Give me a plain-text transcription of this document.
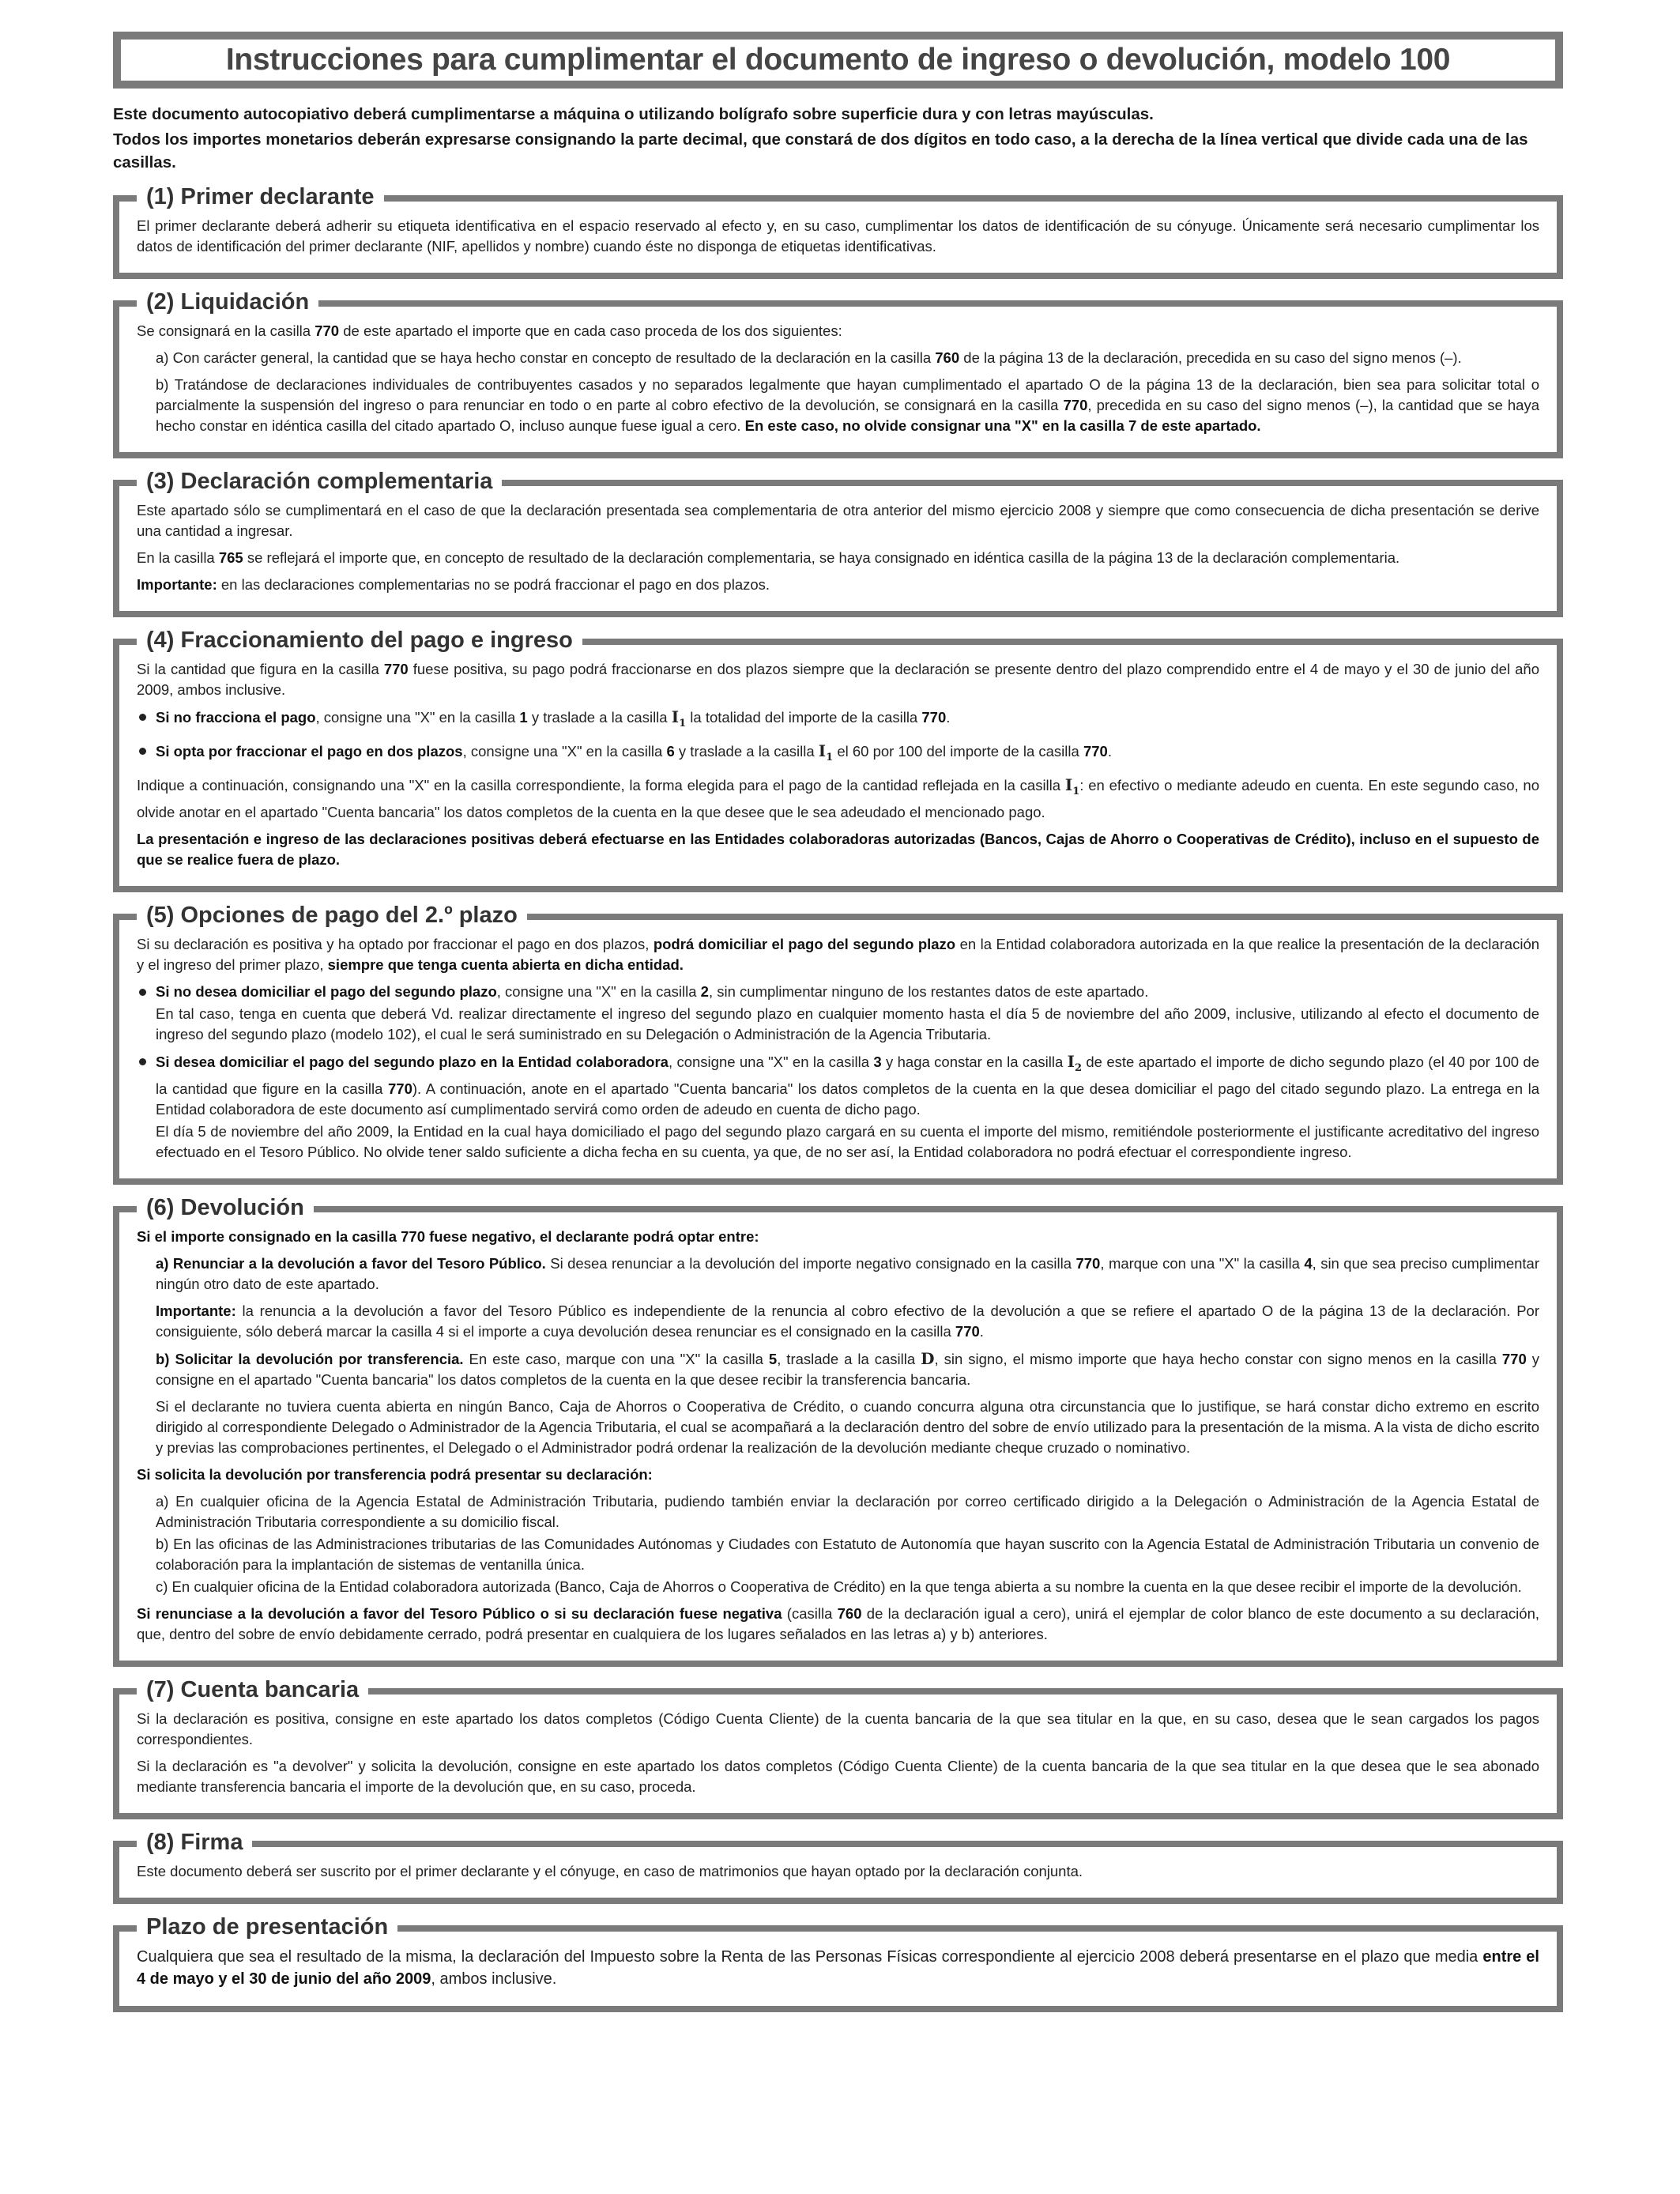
Instrucciones para cumplimentar el documento de ingreso o devolución, modelo 100

Este documento autocopiativo deberá cumplimentarse a máquina o utilizando bolígrafo sobre superficie dura y con letras mayúsculas.

Todos los importes monetarios deberán expresarse consignando la parte decimal, que constará de dos dígitos en todo caso, a la derecha de la línea vertical que divide cada una de las casillas.

(1) Primer declarante

El primer declarante deberá adherir su etiqueta identificativa en el espacio reservado al efecto y, en su caso, cumplimentar los datos de identificación de su cónyuge. Únicamente será necesario cumplimentar los datos de identificación del primer declarante (NIF, apellidos y nombre) cuando éste no disponga de etiquetas identificativas.

(2) Liquidación

Se consignará en la casilla 770 de este apartado el importe que en cada caso proceda de los dos siguientes:

a) Con carácter general, la cantidad que se haya hecho constar en concepto de resultado de la declaración en la casilla 760 de la página 13 de la declaración, precedida en su caso del signo menos (–).

b) Tratándose de declaraciones individuales de contribuyentes casados y no separados legalmente que hayan cumplimentado el apartado O de la página 13 de la declaración, bien sea para solicitar total o parcialmente la suspensión del ingreso o para renunciar en todo o en parte al cobro efectivo de la devolución, se consignará en la casilla 770, precedida en su caso del signo menos (–), la cantidad que se haya hecho constar en idéntica casilla del citado apartado O, incluso aunque fuese igual a cero. En este caso, no olvide consignar una "X" en la casilla 7 de este apartado.

(3) Declaración complementaria

Este apartado sólo se cumplimentará en el caso de que la declaración presentada sea complementaria de otra anterior del mismo ejercicio 2008 y siempre que como consecuencia de dicha presentación se derive una cantidad a ingresar.

En la casilla 765 se reflejará el importe que, en concepto de resultado de la declaración complementaria, se haya consignado en idéntica casilla de la página 13 de la declaración complementaria.

Importante: en las declaraciones complementarias no se podrá fraccionar el pago en dos plazos.

(4) Fraccionamiento del pago e ingreso

Si la cantidad que figura en la casilla 770 fuese positiva, su pago podrá fraccionarse en dos plazos siempre que la declaración se presente dentro del plazo comprendido entre el 4 de mayo y el 30 de junio del año 2009, ambos inclusive.

Si no fracciona el pago, consigne una "X" en la casilla 1 y traslade a la casilla $I_1$ la totalidad del importe de la casilla 770.

Si opta por fraccionar el pago en dos plazos, consigne una "X" en la casilla 6 y traslade a la casilla $I_1$ el 60 por 100 del importe de la casilla 770.

Indique a continuación, consignando una "X" en la casilla correspondiente, la forma elegida para el pago de la cantidad reflejada en la casilla $I_1$: en efectivo o mediante adeudo en cuenta. En este segundo caso, no olvide anotar en el apartado "Cuenta bancaria" los datos completos de la cuenta en la que desee que le sea adeudado el mencionado pago.

La presentación e ingreso de las declaraciones positivas deberá efectuarse en las Entidades colaboradoras autorizadas (Bancos, Cajas de Ahorro o Cooperativas de Crédito), incluso en el supuesto de que se realice fuera de plazo.

(5) Opciones de pago del 2.º plazo

Si su declaración es positiva y ha optado por fraccionar el pago en dos plazos, podrá domiciliar el pago del segundo plazo en la Entidad colaboradora autorizada en la que realice la presentación de la declaración y el ingreso del primer plazo, siempre que tenga cuenta abierta en dicha entidad.

Si no desea domiciliar el pago del segundo plazo, consigne una "X" en la casilla 2, sin cumplimentar ninguno de los restantes datos de este apartado.

En tal caso, tenga en cuenta que deberá Vd. realizar directamente el ingreso del segundo plazo en cualquier momento hasta el día 5 de noviembre del año 2009, inclusive, utilizando al efecto el documento de ingreso del segundo plazo (modelo 102), el cual le será suministrado en su Delegación o Administración de la Agencia Tributaria.

Si desea domiciliar el pago del segundo plazo en la Entidad colaboradora, consigne una "X" en la casilla 3 y haga constar en la casilla $I_2$ de este apartado el importe de dicho segundo plazo (el 40 por 100 de la cantidad que figure en la casilla 770). A continuación, anote en el apartado "Cuenta bancaria" los datos completos de la cuenta en la que desea domiciliar el pago del citado segundo plazo. La entrega en la Entidad colaboradora de este documento así cumplimentado servirá como orden de adeudo en cuenta de dicho pago.

El día 5 de noviembre del año 2009, la Entidad en la cual haya domiciliado el pago del segundo plazo cargará en su cuenta el importe del mismo, remitiéndole posteriormente el justificante acreditativo del ingreso efectuado en el Tesoro Público. No olvide tener saldo suficiente a dicha fecha en su cuenta, ya que, de no ser así, la Entidad colaboradora no podrá efectuar el correspondiente ingreso.

(6) Devolución

Si el importe consignado en la casilla 770 fuese negativo, el declarante podrá optar entre:

a) Renunciar a la devolución a favor del Tesoro Público. Si desea renunciar a la devolución del importe negativo consignado en la casilla 770, marque con una "X" la casilla 4, sin que sea preciso cumplimentar ningún otro dato de este apartado.

Importante: la renuncia a la devolución a favor del Tesoro Público es independiente de la renuncia al cobro efectivo de la devolución a que se refiere el apartado O de la página 13 de la declaración. Por consiguiente, sólo deberá marcar la casilla 4 si el importe a cuya devolución desea renunciar es el consignado en la casilla 770.

b) Solicitar la devolución por transferencia. En este caso, marque con una "X" la casilla 5, traslade a la casilla D, sin signo, el mismo importe que haya hecho constar con signo menos en la casilla 770 y consigne en el apartado "Cuenta bancaria" los datos completos de la cuenta en la que desee recibir la transferencia bancaria.

Si el declarante no tuviera cuenta abierta en ningún Banco, Caja de Ahorros o Cooperativa de Crédito, o cuando concurra alguna otra circunstancia que lo justifique, se hará constar dicho extremo en escrito dirigido al correspondiente Delegado o Administrador de la Agencia Tributaria, el cual se acompañará a la declaración dentro del sobre de envío utilizado para la presentación de la misma. A la vista de dicho escrito y previas las comprobaciones pertinentes, el Delegado o el Administrador podrá ordenar la realización de la devolución mediante cheque cruzado o nominativo.

Si solicita la devolución por transferencia podrá presentar su declaración:

a) En cualquier oficina de la Agencia Estatal de Administración Tributaria, pudiendo también enviar la declaración por correo certificado dirigido a la Delegación o Administración de la Agencia Estatal de Administración Tributaria correspondiente a su domicilio fiscal.

b) En las oficinas de las Administraciones tributarias de las Comunidades Autónomas y Ciudades con Estatuto de Autonomía que hayan suscrito con la Agencia Estatal de Administración Tributaria un convenio de colaboración para la implantación de sistemas de ventanilla única.

c) En cualquier oficina de la Entidad colaboradora autorizada (Banco, Caja de Ahorros o Cooperativa de Crédito) en la que tenga abierta a su nombre la cuenta en la que desee recibir el importe de la devolución.

Si renunciase a la devolución a favor del Tesoro Público o si su declaración fuese negativa (casilla 760 de la declaración igual a cero), unirá el ejemplar de color blanco de este documento a su declaración, que, dentro del sobre de envío debidamente cerrado, podrá presentar en cualquiera de los lugares señalados en las letras a) y b) anteriores.

(7) Cuenta bancaria

Si la declaración es positiva, consigne en este apartado los datos completos (Código Cuenta Cliente) de la cuenta bancaria de la que sea titular en la que, en su caso, desea que le sean cargados los pagos correspondientes.

Si la declaración es "a devolver" y solicita la devolución, consigne en este apartado los datos completos (Código Cuenta Cliente) de la cuenta bancaria de la que sea titular en la que desea que le sea abonado mediante transferencia bancaria el importe de la devolución que, en su caso, proceda.

(8) Firma

Este documento deberá ser suscrito por el primer declarante y el cónyuge, en caso de matrimonios que hayan optado por la declaración conjunta.

Plazo de presentación

Cualquiera que sea el resultado de la misma, la declaración del Impuesto sobre la Renta de las Personas Físicas correspondiente al ejercicio 2008 deberá presentarse en el plazo que media entre el 4 de mayo y el 30 de junio del año 2009, ambos inclusive.
